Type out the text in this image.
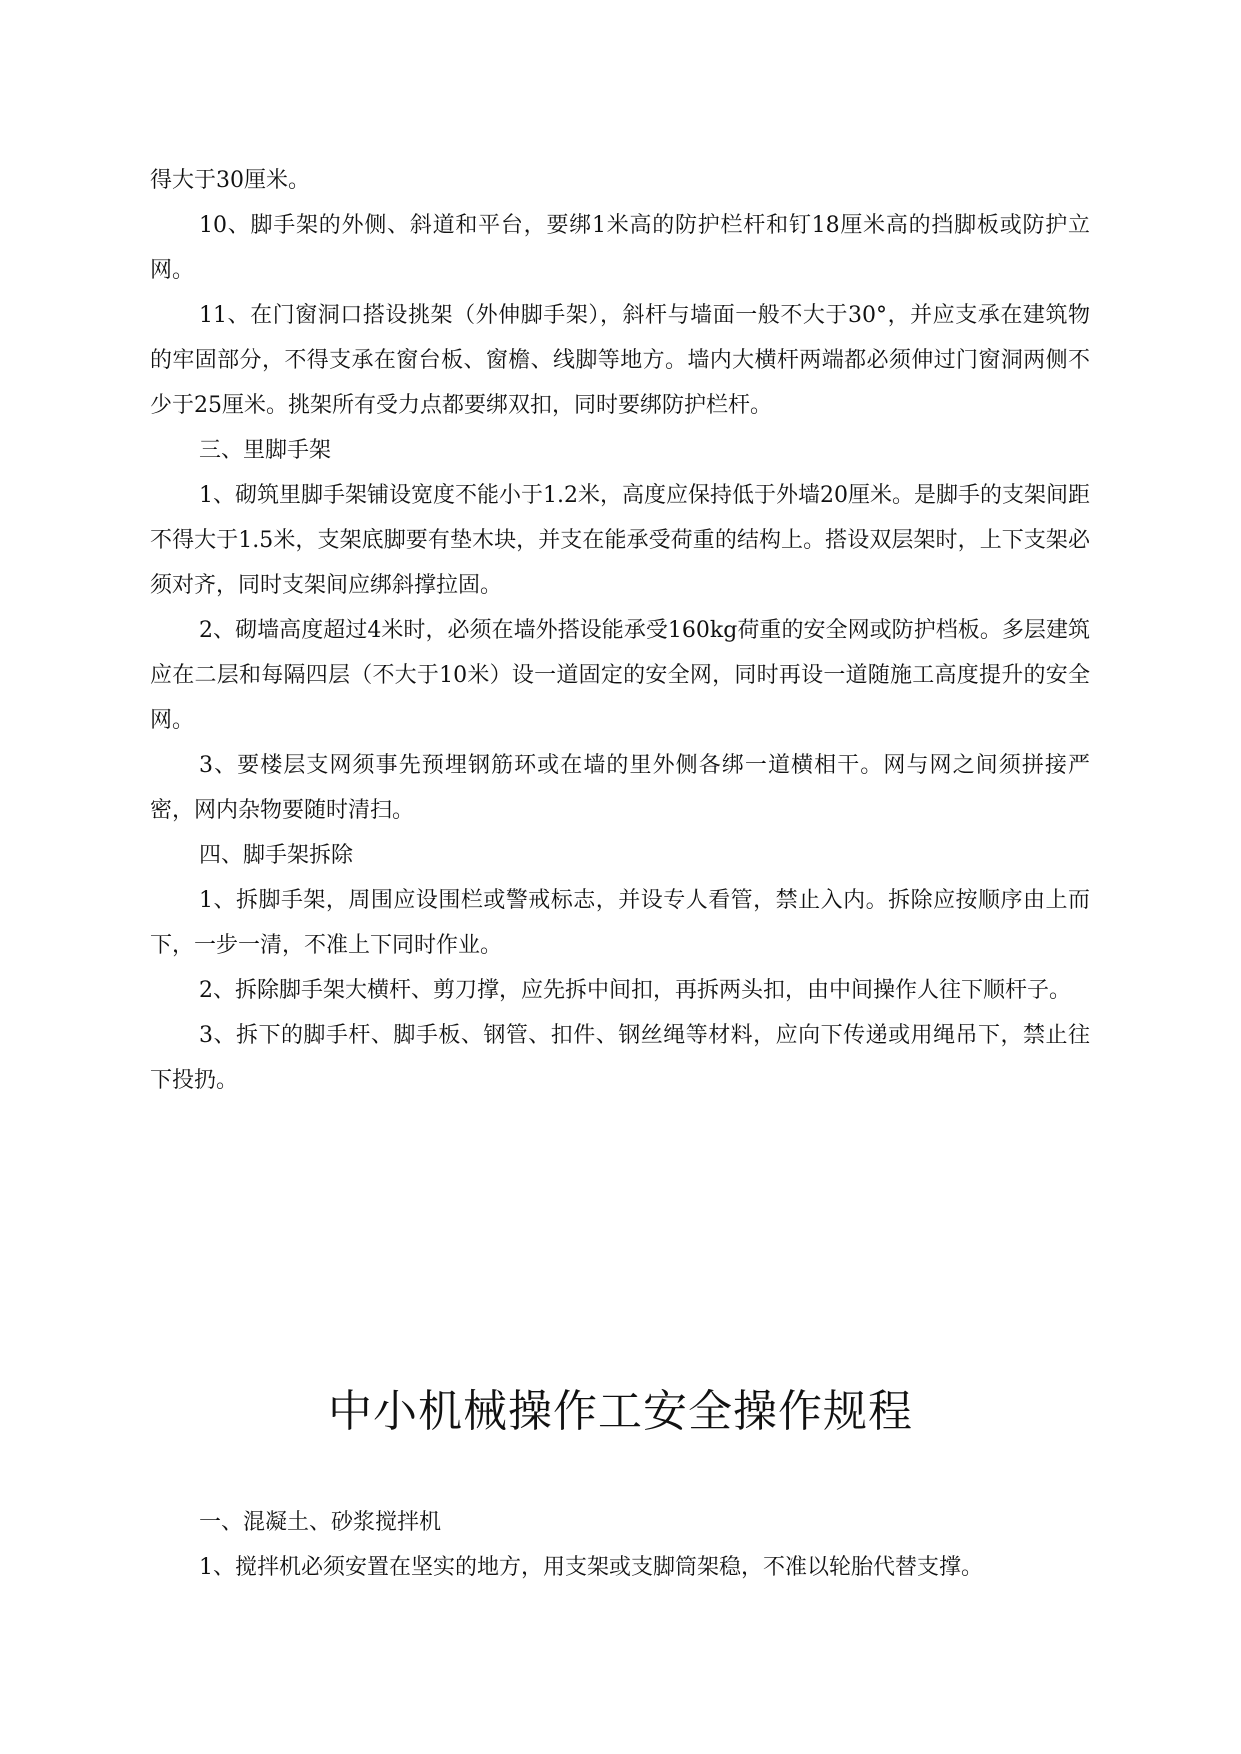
得大于30厘米。

10、脚手架的外侧、斜道和平台，要绑1米高的防护栏杆和钉18厘米高的挡脚板或防护立网。

11、在门窗洞口搭设挑架（外伸脚手架），斜杆与墙面一般不大于30°，并应支承在建筑物的牢固部分，不得支承在窗台板、窗檐、线脚等地方。墙内大横杆两端都必须伸过门窗洞两侧不少于25厘米。挑架所有受力点都要绑双扣，同时要绑防护栏杆。

三、里脚手架

1、砌筑里脚手架铺设宽度不能小于1.2米，高度应保持低于外墙20厘米。是脚手的支架间距不得大于1.5米，支架底脚要有垫木块，并支在能承受荷重的结构上。搭设双层架时，上下支架必须对齐，同时支架间应绑斜撑拉固。

2、砌墙高度超过4米时，必须在墙外搭设能承受160kg荷重的安全网或防护档板。多层建筑应在二层和每隔四层（不大于10米）设一道固定的安全网，同时再设一道随施工高度提升的安全网。

3、要楼层支网须事先预埋钢筋环或在墙的里外侧各绑一道横相干。网与网之间须拼接严密，网内杂物要随时清扫。

四、脚手架拆除

1、拆脚手架，周围应设围栏或警戒标志，并设专人看管，禁止入内。拆除应按顺序由上而下，一步一清，不准上下同时作业。

2、拆除脚手架大横杆、剪刀撑，应先拆中间扣，再拆两头扣，由中间操作人往下顺杆子。

3、拆下的脚手杆、脚手板、钢管、扣件、钢丝绳等材料，应向下传递或用绳吊下，禁止往下投扔。

中小机械操作工安全操作规程

一、混凝土、砂浆搅拌机

1、搅拌机必须安置在坚实的地方，用支架或支脚筒架稳，不准以轮胎代替支撑。
